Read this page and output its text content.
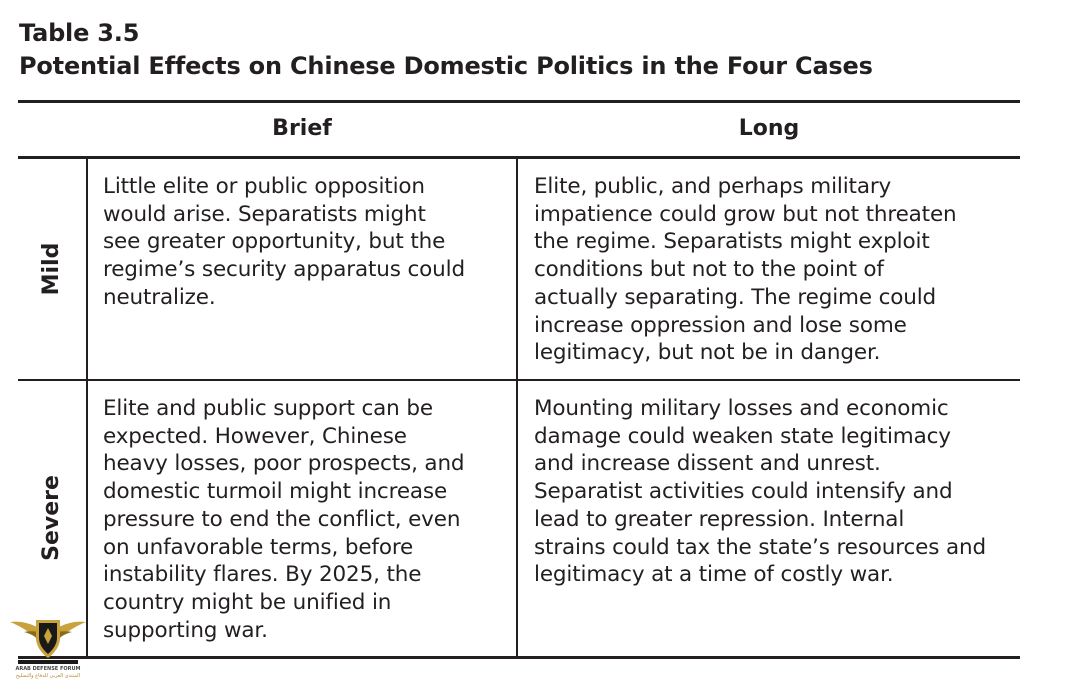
Table 3.5
Potential Effects on Chinese Domestic Politics in the Four Cases
Brief	Long
Mild
Severe
Little elite or public opposition
would arise. Separatists might
see greater opportunity, but the
regime’s security apparatus could
neutralize.
Elite, public, and perhaps military
impatience could grow but not threaten
the regime. Separatists might exploit
conditions but not to the point of
actually separating. The regime could
increase oppression and lose some
legitimacy, but not be in danger.
Elite and public support can be
expected. However, Chinese
heavy losses, poor prospects, and
domestic turmoil might increase
pressure to end the conflict, even
on unfavorable terms, before
instability flares. By 2025, the
country might be unified in
supporting war.
Mounting military losses and economic
damage could weaken state legitimacy
and increase dissent and unrest.
Separatist activities could intensify and
lead to greater repression. Internal
strains could tax the state’s resources and
legitimacy at a time of costly war.
ARAB DEFENSE FORUM
المنتدى العربي للدفاع والتسليح
